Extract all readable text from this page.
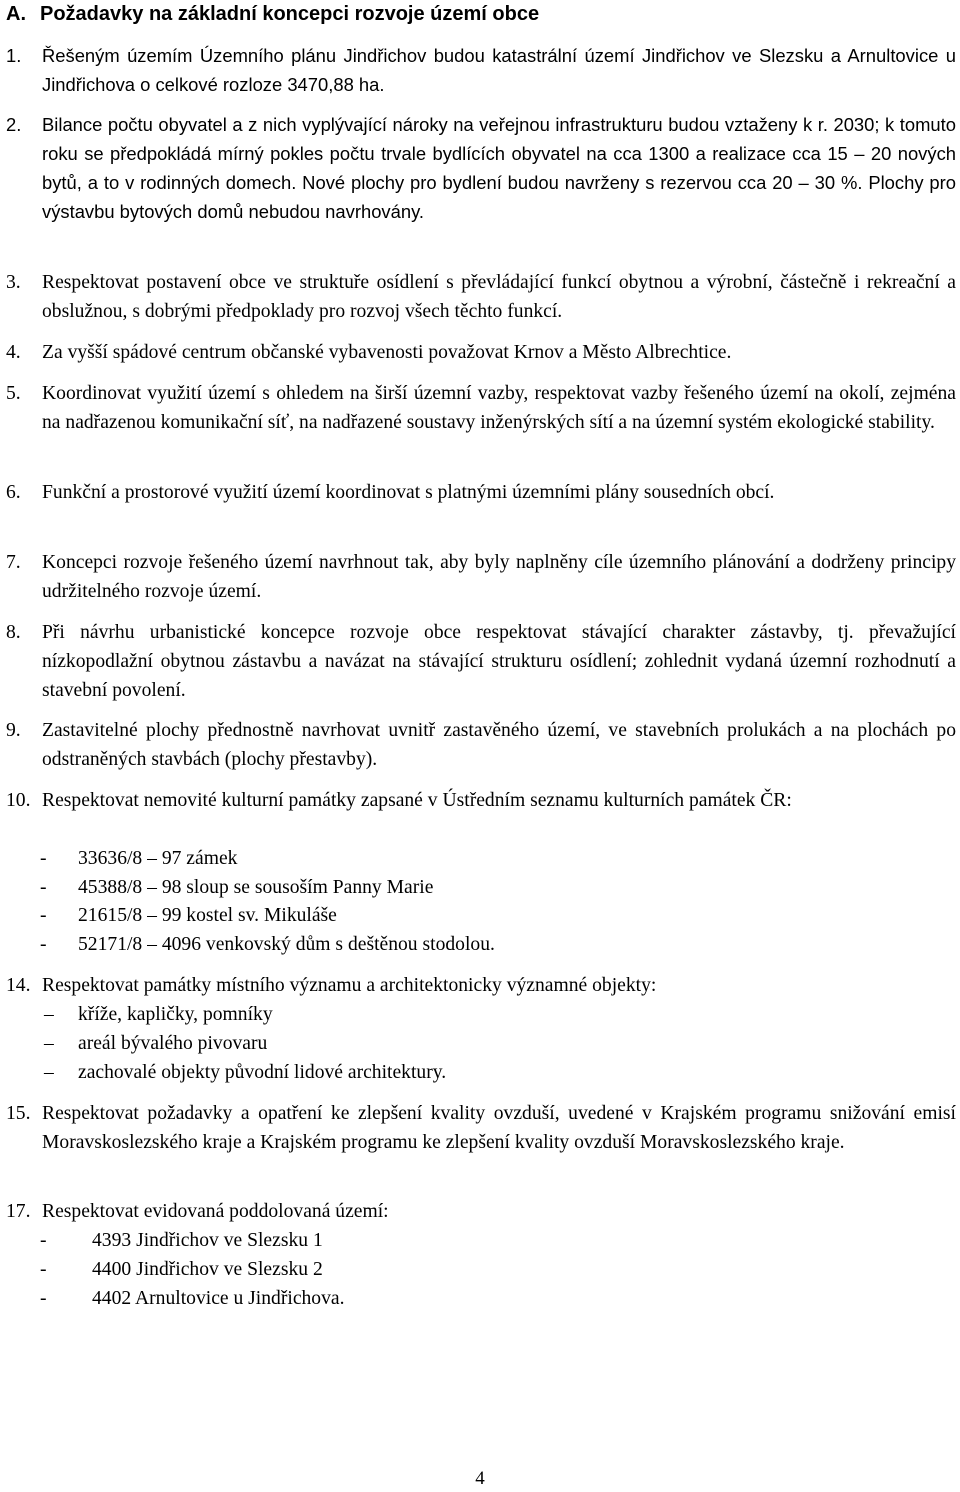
A. Požadavky na základní koncepci rozvoje území obce
1. Řešeným územím Územního plánu Jindřichov budou katastrální území Jindřichov ve Slezsku a Arnultovice u Jindřichova o celkové rozloze 3470,88 ha.
2. Bilance počtu obyvatel a z nich vyplývající nároky na veřejnou infrastrukturu budou vztaženy k r. 2030; k tomuto roku se předpokládá mírný pokles počtu trvale bydlících obyvatel na cca 1300 a realizace cca 15 – 20 nových bytů, a to v rodinných domech. Nové plochy pro bydlení budou navrženy s rezervou cca 20 – 30 %. Plochy pro výstavbu bytových domů nebudou navrhovány.
3. Respektovat postavení obce ve struktuře osídlení s převládající funkcí obytnou a výrobní, částečně i rekreační a obslužnou, s dobrými předpoklady pro rozvoj všech těchto funkcí.
4. Za vyšší spádové centrum občanské vybavenosti považovat Krnov a Město Albrechtice.
5. Koordinovat využití území s ohledem na širší územní vazby, respektovat vazby řešeného území na okolí, zejména na nadřazenou komunikační síť, na nadřazené soustavy inženýrských sítí a na územní systém ekologické stability.
6. Funkční a prostorové využití území koordinovat s platnými územními plány sousedních obcí.
7. Koncepci rozvoje řešeného území navrhnout tak, aby byly naplněny cíle územního plánování a dodrženy principy udržitelného rozvoje území.
8. Při návrhu urbanistické koncepce rozvoje obce respektovat stávající charakter zástavby, tj. převažující nízkopodlažní obytnou zástavbu a navázat na stávající strukturu osídlení; zohlednit vydaná územní rozhodnutí a stavební povolení.
9. Zastavitelné plochy přednostně navrhovat uvnitř zastavěného území, ve stavebních prolukách a na plochách po odstraněných stavbách (plochy přestavby).
10. Respektovat nemovité kulturní památky zapsané v Ústředním seznamu kulturních památek ČR:
- 33636/8 – 97 zámek
- 45388/8 – 98 sloup se sousoším Panny Marie
- 21615/8 – 99 kostel sv. Mikuláše
- 52171/8 – 4096 venkovský dům s deštěnou stodolou.
14. Respektovat památky místního významu a architektonicky významné objekty:
– kříže, kapličky, pomníky
– areál bývalého pivovaru
– zachovalé objekty původní lidové architektury.
15. Respektovat požadavky a opatření ke zlepšení kvality ovzduší, uvedené v Krajském programu snižování emisí Moravskoslezského kraje a Krajském programu ke zlepšení kvality ovzduší Moravskoslezského kraje.
17. Respektovat evidovaná poddolovaná území:
- 4393 Jindřichov ve Slezsku 1
- 4400 Jindřichov ve Slezsku 2
- 4402 Arnultovice u Jindřichova.
4
